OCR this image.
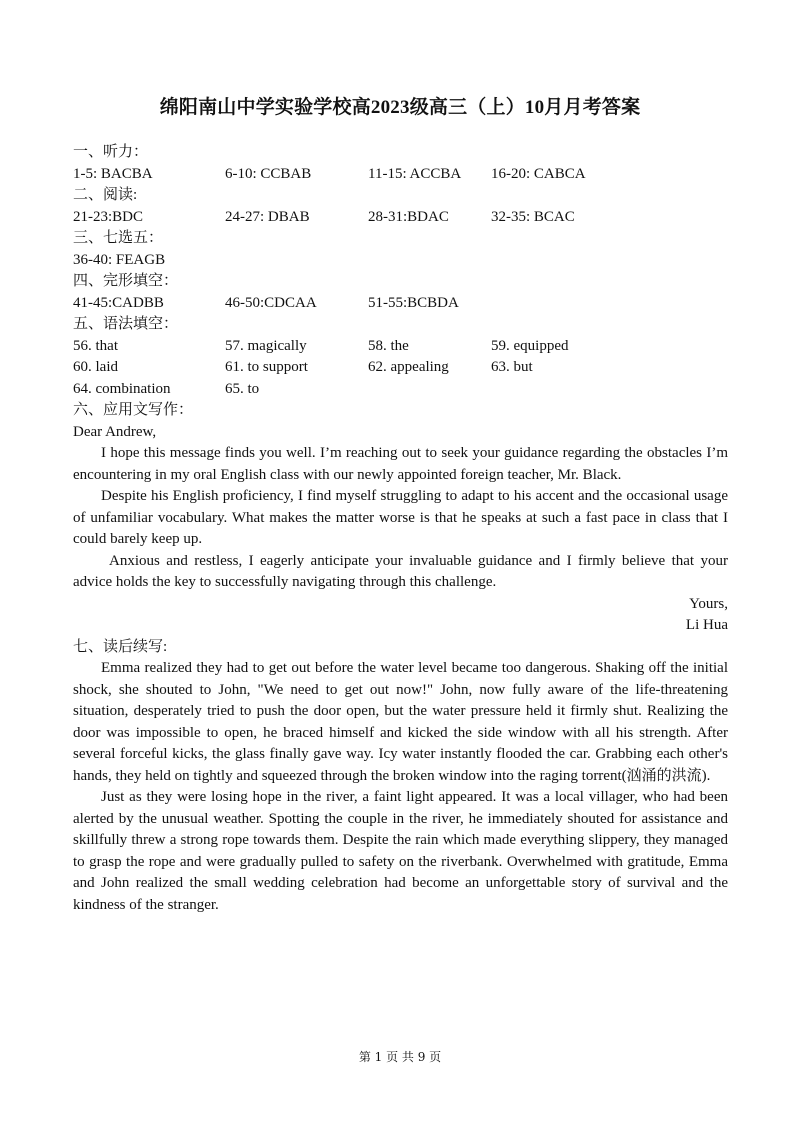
绵阳南山中学实验学校高2023级高三（上）10月月考答案
一、听力：
1-5: BACBA	6-10: CCBAB	11-15: ACCBA 16-20: CABCA
二、阅读:
21-23:BDC	24-27: DBAB	28-31:BDAC	32-35: BCAC
三、七选五：
36-40: FEAGB
四、完形填空：
41-45:CADBB	46-50:CDCAA	51-55:BCBDA
五、语法填空：
56. that	57. magically	58. the	59. equipped
60. laid	61. to support	62. appealing	63. but
64. combination	65. to
六、应用文写作：
Dear Andrew,

I hope this message finds you well. I’m reaching out to seek your guidance regarding the obstacles I’m encountering in my oral English class with our newly appointed foreign teacher, Mr. Black.

Despite his English proficiency, I find myself struggling to adapt to his accent and the occasional usage of unfamiliar vocabulary. What makes the matter worse is that he speaks at such a fast pace in class that I could barely keep up.

Anxious and restless, I eagerly anticipate your invaluable guidance and I firmly believe that your advice holds the key to successfully navigating through this challenge.

Yours,
Li Hua
七、读后续写:

Emma realized they had to get out before the water level became too dangerous. Shaking off the initial shock, she shouted to John, "We need to get out now!" John, now fully aware of the life-threatening situation, desperately tried to push the door open, but the water pressure held it firmly shut. Realizing the door was impossible to open, he braced himself and kicked the side window with all his strength. After several forceful kicks, the glass finally gave way. Icy water instantly flooded the car. Grabbing each other's hands, they held on tightly and squeezed through the broken window into the raging torrent(汹涌的洪流).

Just as they were losing hope in the river, a faint light appeared. It was a local villager, who had been alerted by the unusual weather. Spotting the couple in the river, he immediately shouted for assistance and skillfully threw a strong rope towards them. Despite the rain which made everything slippery, they managed to grasp the rope and were gradually pulled to safety on the riverbank. Overwhelmed with gratitude, Emma and John realized the small wedding celebration had become an unforgettable story of survival and the kindness of the stranger.

第 1 页 共 9 页
